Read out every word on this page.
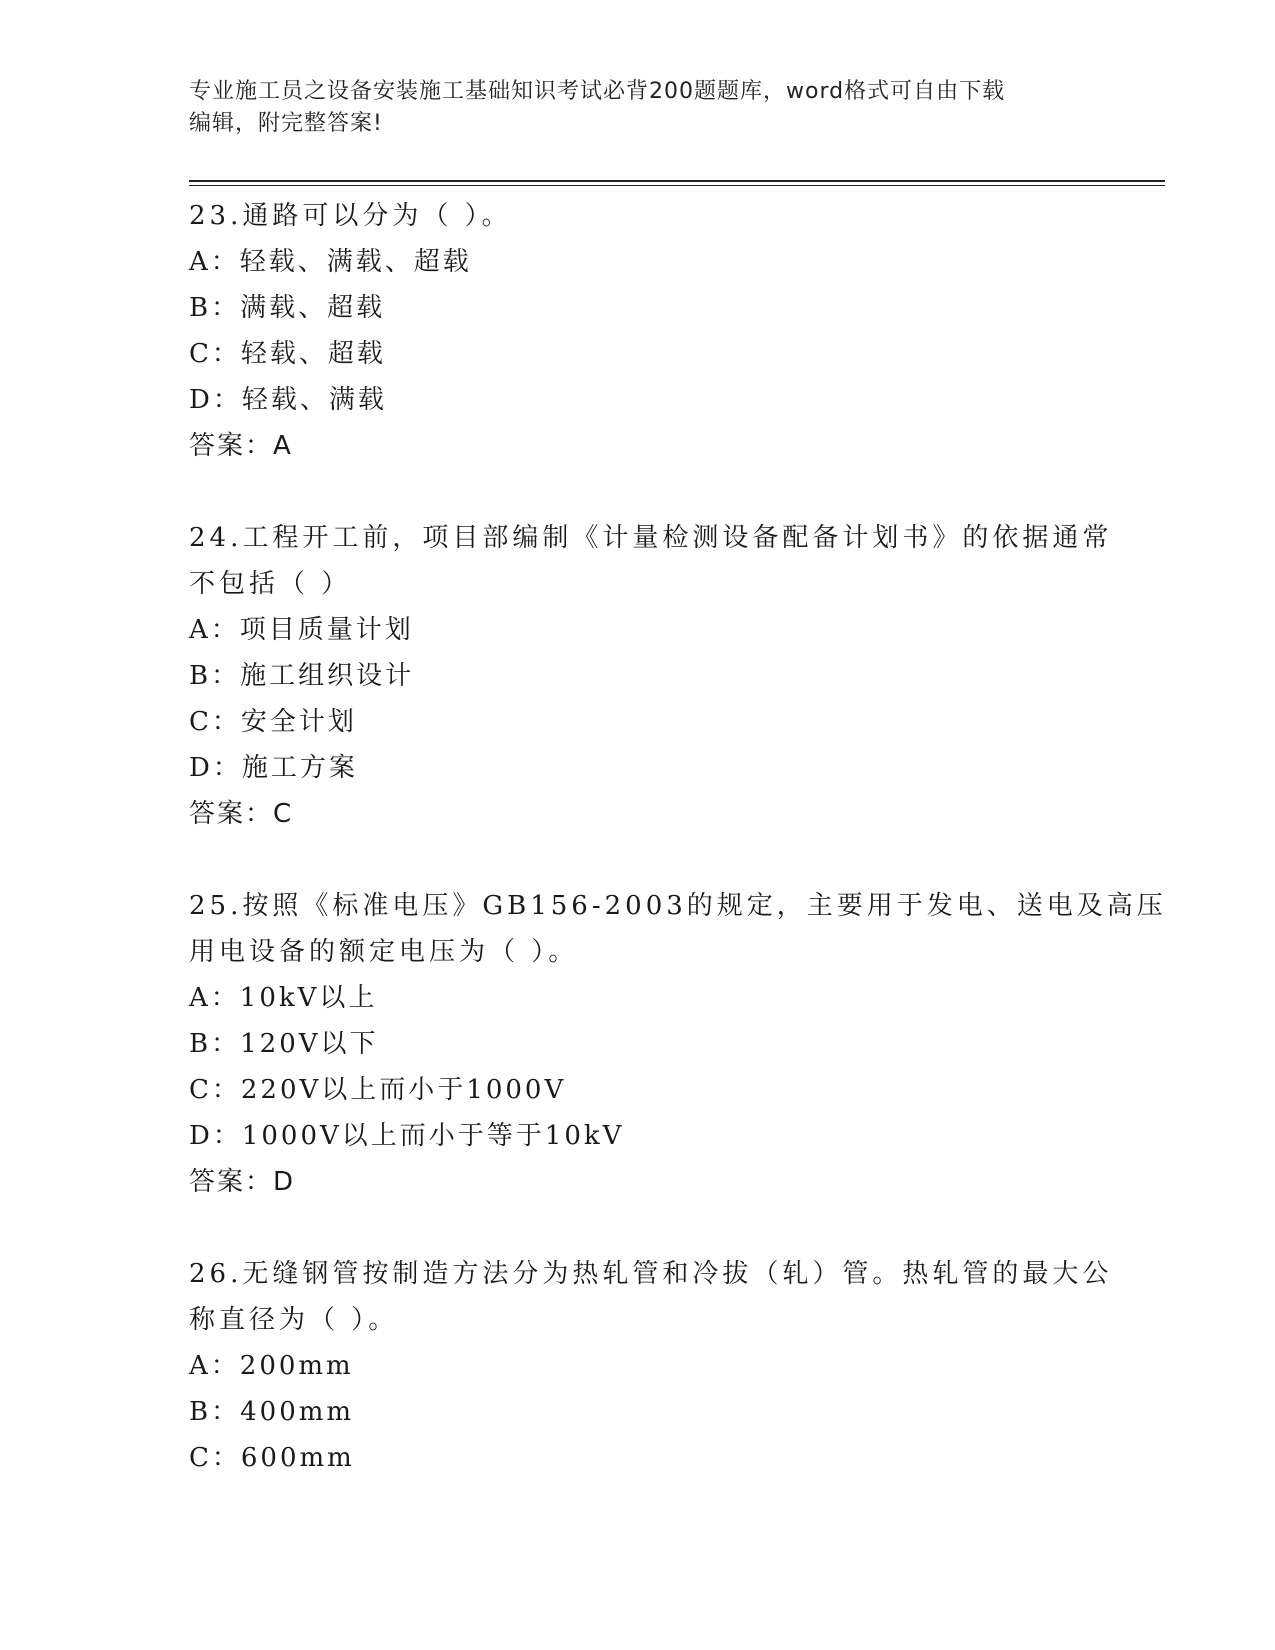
专业施工员之设备安装施工基础知识考试必背200题题库，word格式可自由下载
编辑，附完整答案!
23.通路可以分为（ ）。
A：轻载、满载、超载
B：满载、超载
C：轻载、超载
D：轻载、满载
答案：A
24.工程开工前，项目部编制《计量检测设备配备计划书》的依据通常
不包括（ ）
A：项目质量计划
B：施工组织设计
C：安全计划
D：施工方案
答案：C
25.按照《标准电压》GB156-2003的规定，主要用于发电、送电及高压
用电设备的额定电压为（ ）。
A：10kV以上
B：120V以下
C：220V以上而小于1000V
D：1000V以上而小于等于10kV
答案：D
26.无缝钢管按制造方法分为热轧管和冷拔（轧）管。热轧管的最大公
称直径为（ ）。
A：200mm
B：400mm
C：600mm
